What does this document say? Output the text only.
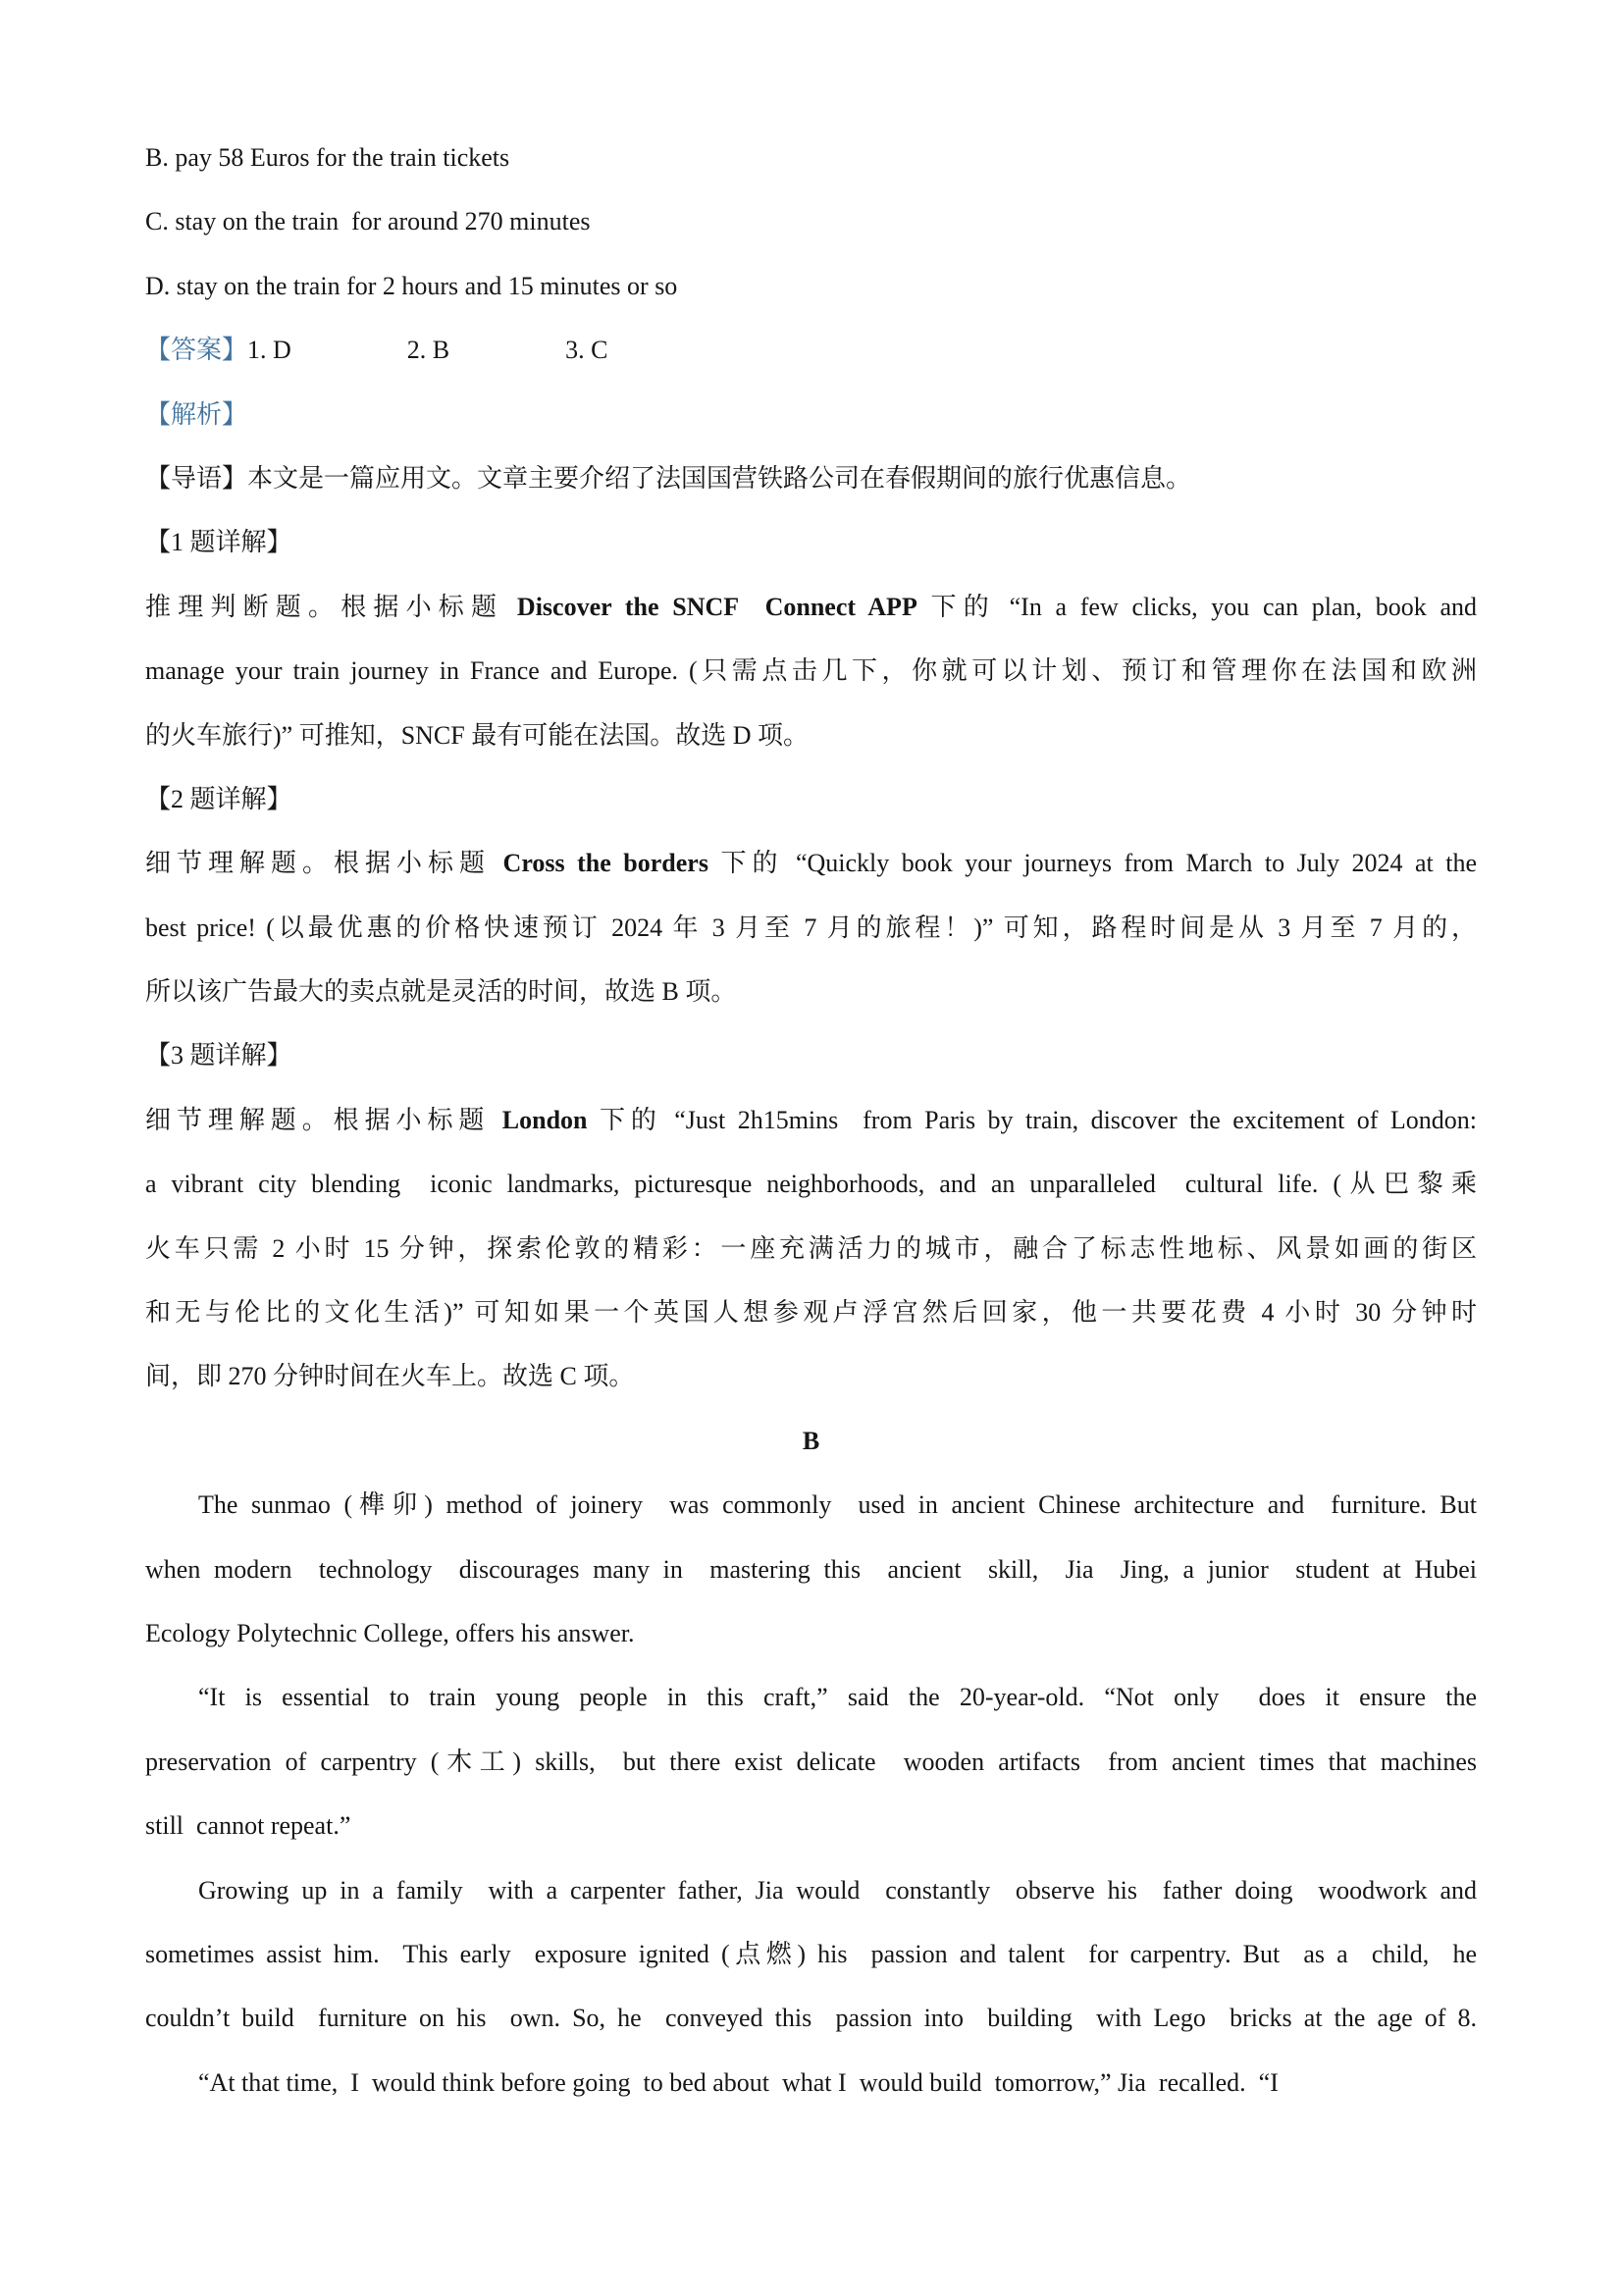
B. pay 58 Euros for the train tickets
C. stay on the train  for around 270 minutes
D. stay on the train for 2 hours and 15 minutes or so
【答案】1. D	2. B	3. C
【解析】
【导语】本文是一篇应用文。文章主要介绍了法国国营铁路公司在春假期间的旅行优惠信息。
【1 题详解】
推理判断题。根据小标题 Discover the SNCF  Connect APP 下的 “In a few clicks, you can plan, book and
manage your train journey in France and Europe. (只需点击几下，你就可以计划、预订和管理你在法国和欧洲
的火车旅行)” 可推知，SNCF 最有可能在法国。故选 D 项。
【2 题详解】
细节理解题。根据小标题 Cross the borders 下的 “Quickly book your journeys from March to July 2024 at the
best price! (以最优惠的价格快速预订 2024 年 3 月至 7 月的旅程！)” 可知，路程时间是从 3 月至 7 月的，
所以该广告最大的卖点就是灵活的时间，故选 B 项。
【3 题详解】
细节理解题。根据小标题 London 下的 “Just 2h15mins  from Paris by train, discover the excitement of London:
a vibrant city blending  iconic landmarks, picturesque neighborhoods, and an unparalleled  cultural life. (从巴黎乘
火车只需 2 小时 15 分钟，探索伦敦的精彩：一座充满活力的城市，融合了标志性地标、风景如画的街区
和无与伦比的文化生活)” 可知如果一个英国人想参观卢浮宫然后回家，他一共要花费 4 小时 30 分钟时
间，即 270 分钟时间在火车上。故选 C 项。
B
The sunmao (榫卯) method of joinery  was commonly  used in ancient Chinese architecture and  furniture. But
when modern  technology  discourages many in  mastering this  ancient  skill,  Jia  Jing, a junior  student at Hubei
Ecology Polytechnic College, offers his answer.
“It is essential to train young people in this craft,” said the 20-year-old. “Not only  does it ensure the
preservation of carpentry (木工) skills,  but there exist delicate  wooden artifacts  from ancient times that machines
still  cannot repeat.”
Growing up in a family  with a carpenter father, Jia would  constantly  observe his  father doing  woodwork and
sometimes assist him.  This early  exposure ignited (点燃) his  passion and talent  for carpentry. But  as a  child,  he
couldn’t build  furniture on his  own. So, he  conveyed this  passion into  building  with Lego  bricks at the age of 8.
“At that time,  I  would think before going  to bed about  what I  would build  tomorrow,” Jia  recalled.  “I
